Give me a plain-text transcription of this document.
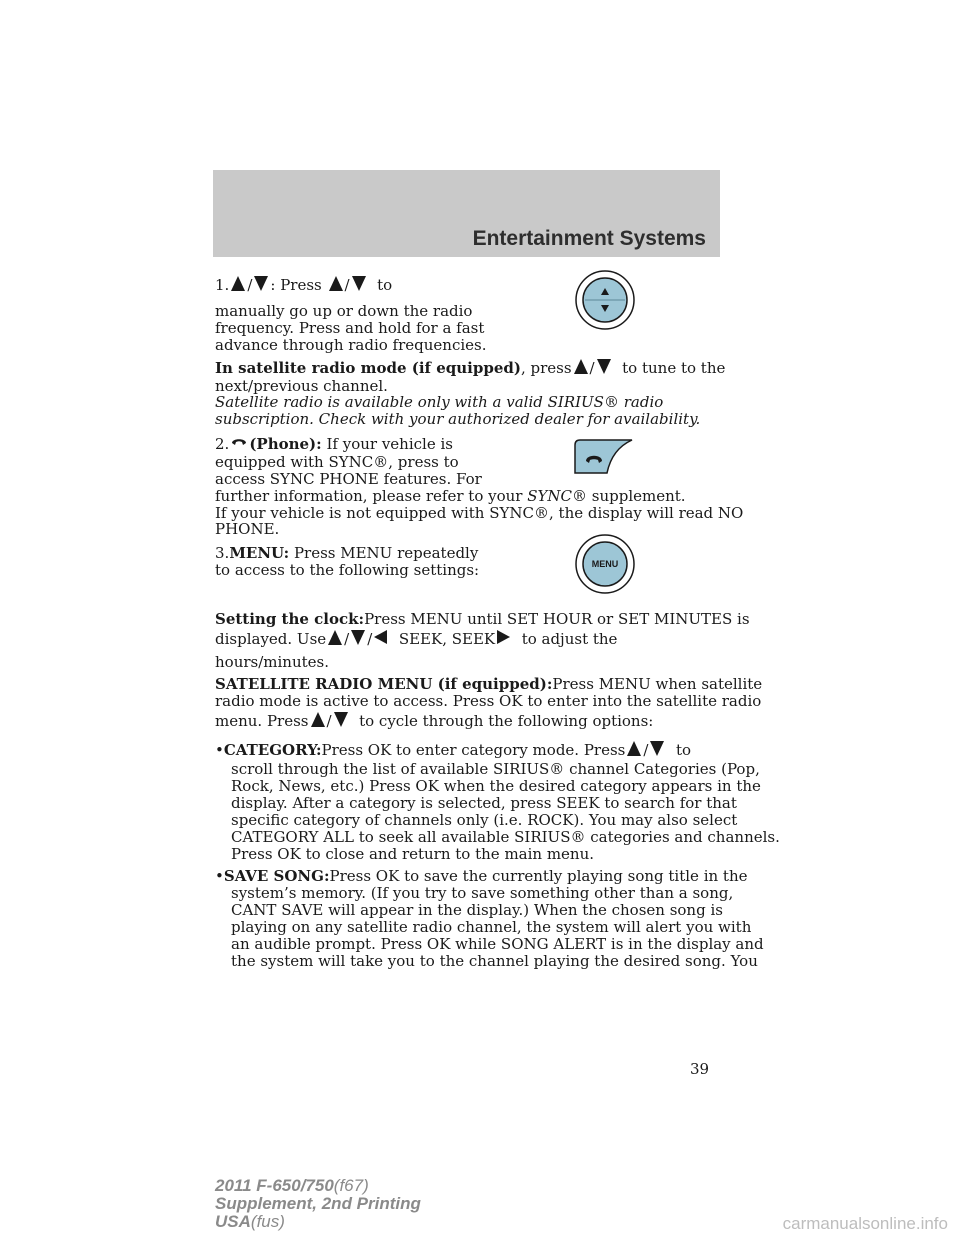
Entertainment Systems
1. / : Press / to
manually go up or down the radio
frequency. Press and hold for a fast
advance through radio frequencies.
In satellite radio mode (if equipped), press / to tune to the
next/previous channel.
Satellite radio is available only with a valid SIRIUS® radio
subscription. Check with your authorized dealer for availability.
2. (Phone): If your vehicle is
equipped with SYNC®, press to
access SYNC PHONE features. For
further information, please refer to your SYNC® supplement.
If your vehicle is not equipped with SYNC®, the display will read NO
PHONE.
3.MENU: Press MENU repeatedly
to access to the following settings:	MENU
Setting the clock:Press MENU until SET HOUR or SET MINUTES is
displayed. Use / / SEEK, SEEK to adjust the
hours/minutes.
SATELLITE RADIO MENU (if equipped):Press MENU when satellite
radio mode is active to access. Press OK to enter into the satellite radio
menu. Press / to cycle through the following options:
•CATEGORY:Press OK to enter category mode. Press / to
scroll through the list of available SIRIUS® channel Categories (Pop,
Rock, News, etc.) Press OK when the desired category appears in the
display. After a category is selected, press SEEK to search for that
specific category of channels only (i.e. ROCK). You may also select
CATEGORY ALL to seek all available SIRIUS® categories and channels.
Press OK to close and return to the main menu.
•SAVE SONG:Press OK to save the currently playing song title in the
system’s memory. (If you try to save something other than a song,
CANT SAVE will appear in the display.) When the chosen song is
playing on any satellite radio channel, the system will alert you with
an audible prompt. Press OK while SONG ALERT is in the display and
the system will take you to the channel playing the desired song. You
39
2011 F-650/750(f67)
Supplement, 2nd Printing
USA(fus)	carmanualsonline.info
